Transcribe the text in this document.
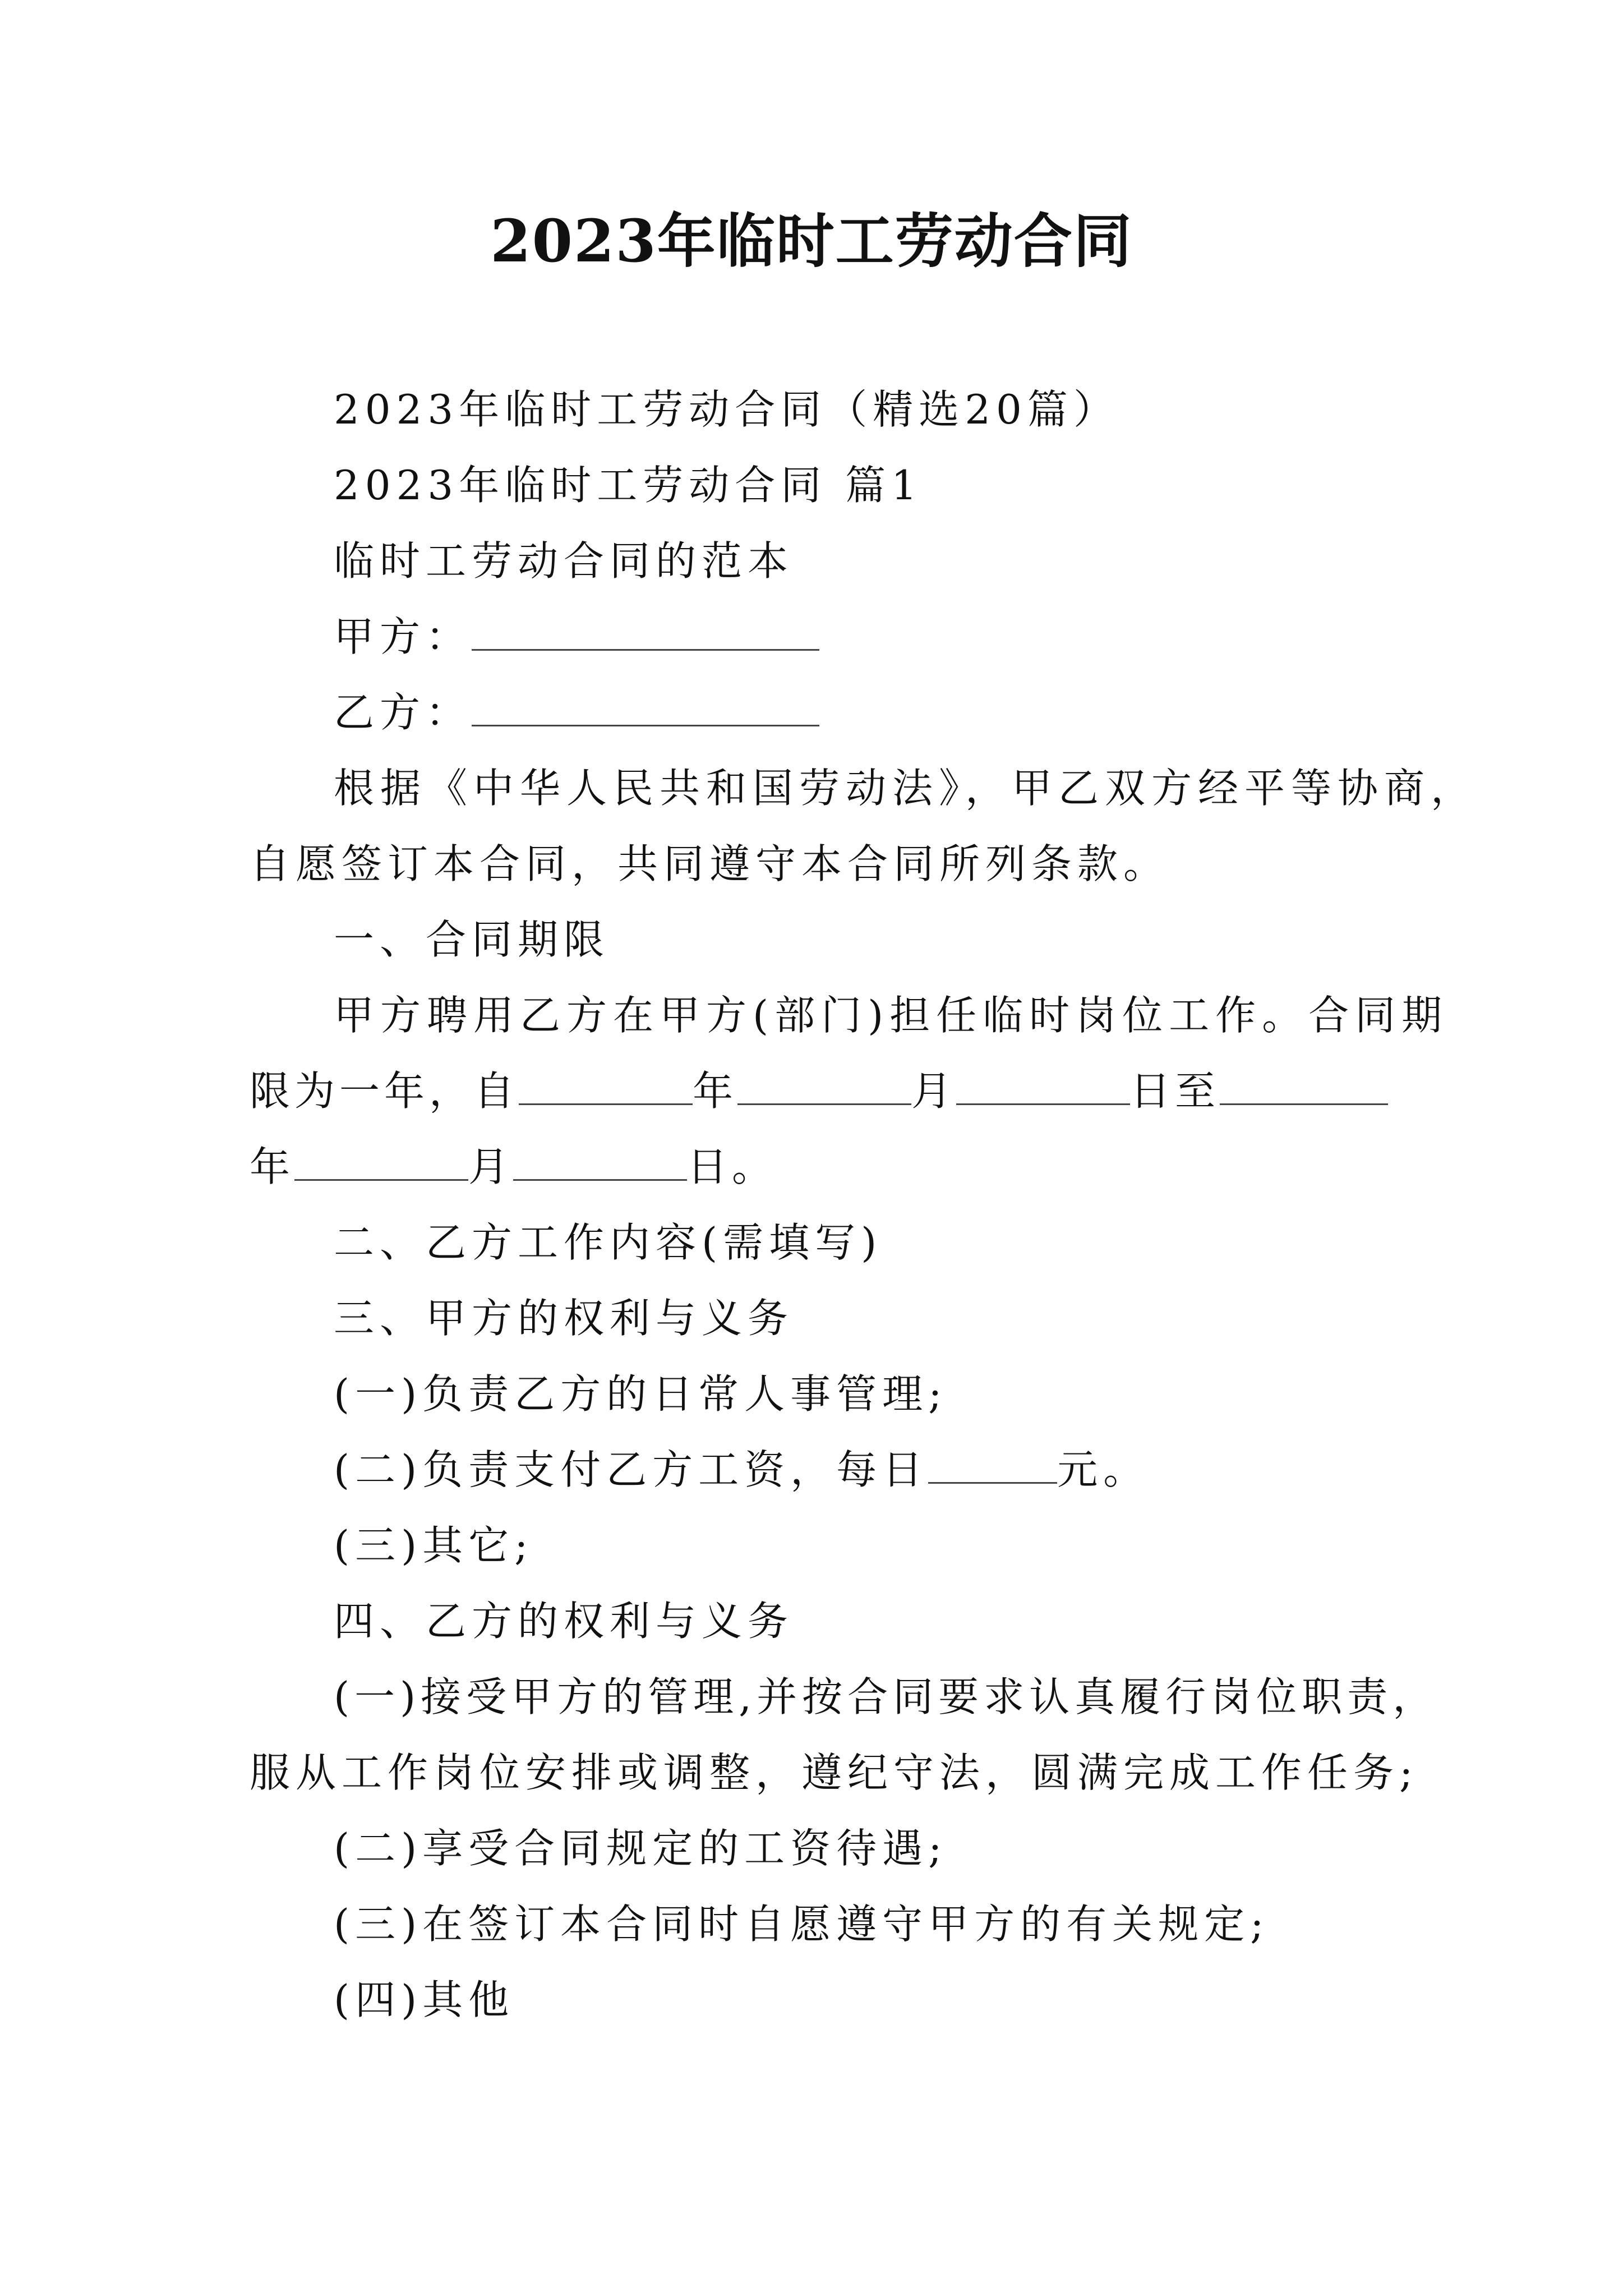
2023年临时工劳动合同
2023年临时工劳动合同（精选20篇）
2023年临时工劳动合同 篇1
临时工劳动合同的范本
甲方：
乙方：
根据《中华人民共和国劳动法》，甲乙双方经平等协商，
自愿签订本合同，共同遵守本合同所列条款。
一、合同期限
甲方聘用乙方在甲方(部门)担任临时岗位工作。合同期
限为一年，自	年	月	日至
年	月	日。
二、乙方工作内容(需填写)
三、甲方的权利与义务
(一)负责乙方的日常人事管理;
(二)负责支付乙方工资，每日	元。
(三)其它;
四、乙方的权利与义务
(一)接受甲方的管理,并按合同要求认真履行岗位职责，
服从工作岗位安排或调整，遵纪守法，圆满完成工作任务;
(二)享受合同规定的工资待遇;
(三)在签订本合同时自愿遵守甲方的有关规定;
(四)其他
